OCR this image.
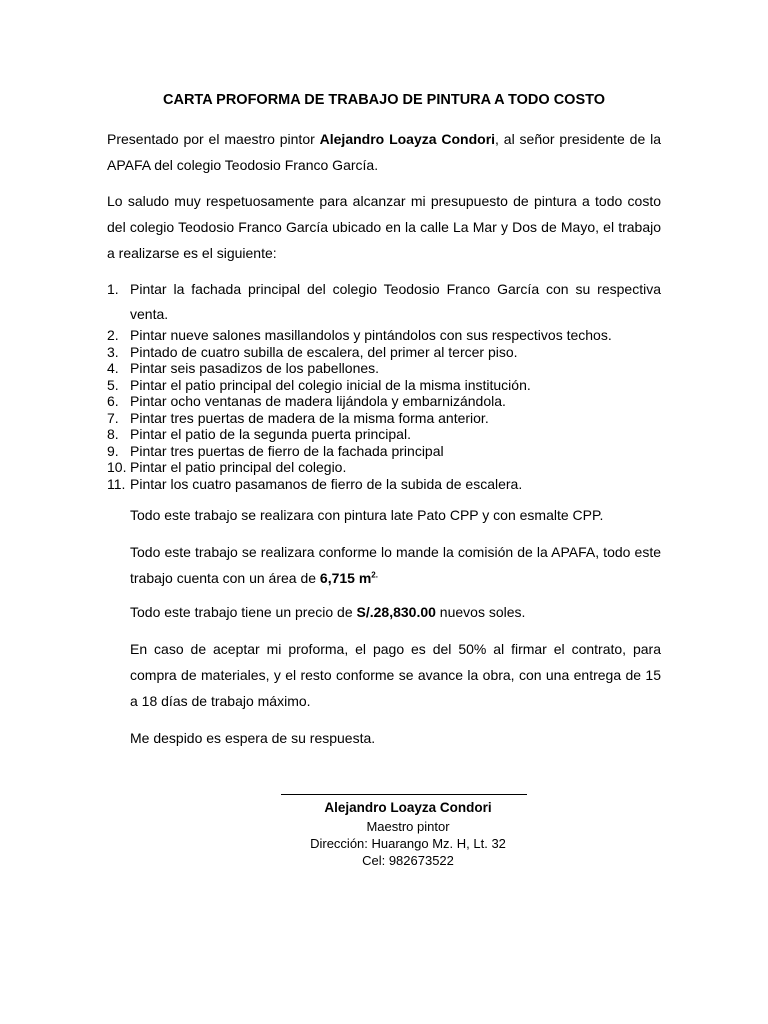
CARTA PROFORMA DE TRABAJO DE PINTURA A TODO COSTO

Presentado por el maestro pintor Alejandro Loayza Condori, al señor presidente de la APAFA del colegio Teodosio Franco García.

Lo saludo muy respetuosamente para alcanzar mi presupuesto de pintura a todo costo del colegio Teodosio Franco García ubicado en la calle La Mar y Dos de Mayo, el trabajo a realizarse es el siguiente:

1. Pintar la fachada principal del colegio Teodosio Franco García con su respectiva venta.
2. Pintar nueve salones masillandolos y pintándolos con sus respectivos techos.
3. Pintado de cuatro subilla de escalera, del primer al tercer piso.
4. Pintar seis pasadizos de los pabellones.
5. Pintar el patio principal del colegio inicial de la misma institución.
6. Pintar ocho ventanas de madera lijándola y embarnizándola.
7. Pintar tres puertas de madera de la misma forma anterior.
8. Pintar el patio de la segunda puerta principal.
9. Pintar tres puertas de fierro de la fachada principal
10. Pintar el patio principal del colegio.
11. Pintar los cuatro pasamanos de fierro de la subida de escalera.

Todo este trabajo se realizara con pintura late Pato CPP y con esmalte CPP.

Todo este trabajo se realizara conforme lo mande la comisión de la APAFA, todo este trabajo cuenta con un área de 6,715 $m^{2.}$

Todo este trabajo tiene un precio de S/.28,830.00 nuevos soles.

En caso de aceptar mi proforma, el pago es del 50% al firmar el contrato, para compra de materiales, y el resto conforme se avance la obra, con una entrega de 15 a 18 días de trabajo máximo.

Me despido es espera de su respuesta.

Alejandro Loayza Condori

Maestro pintor

Dirección: Huarango Mz. H, Lt. 32

Cel: 982673522
